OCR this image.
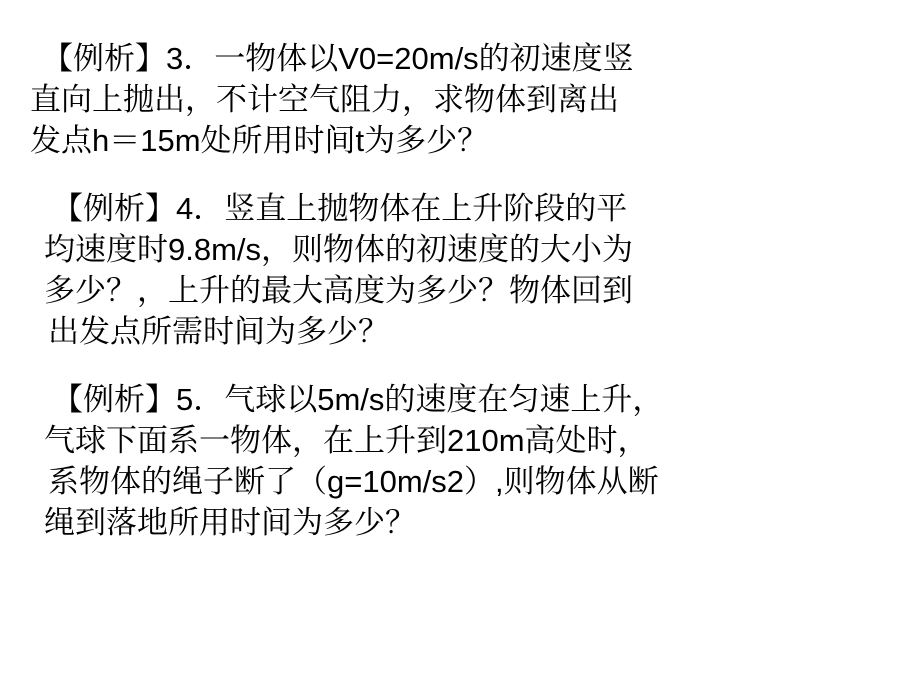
【例析】3．一物体以V0=20m/s的初速度竖

直向上抛出，不计空气阻力，求物体到离出

发点h＝15m处所用时间t为多少？

【例析】4．竖直上抛物体在上升阶段的平

均速度时9.8m/s，则物体的初速度的大小为

多少？，上升的最大高度为多少？物体回到

出发点所需时间为多少？

【例析】5．气球以5m/s的速度在匀速上升，

气球下面系一物体，在上升到210m高处时，

系物体的绳子断了（g=10m/s2）,则物体从断

绳到落地所用时间为多少？
